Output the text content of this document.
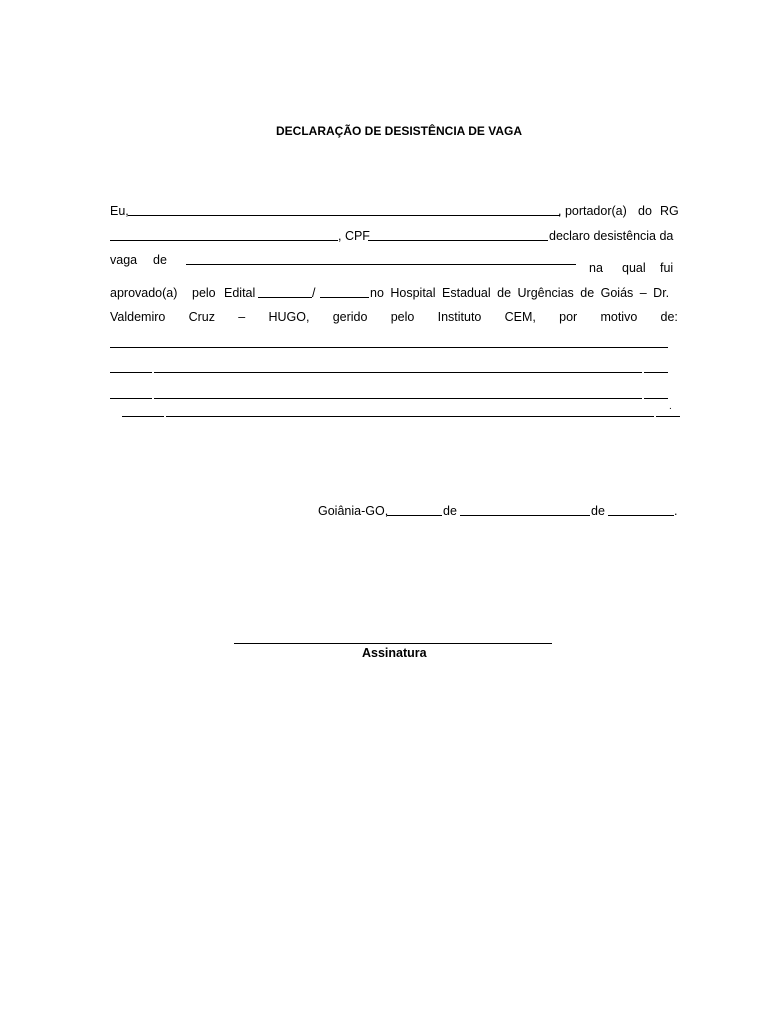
DECLARAÇÃO DE DESISTÊNCIA DE VAGA
Eu,	, portador(a) do RG
, CPF	declaro desistência da
vaga de
na qual fui
aprovado(a) pelo Edital	/	no Hospital Estadual de Urgências de Goiás – Dr.
Valdemiro Cruz – HUGO, gerido pelo Instituto CEM, por motivo de:
.
Goiânia-GO,	de	de	.
Assinatura
